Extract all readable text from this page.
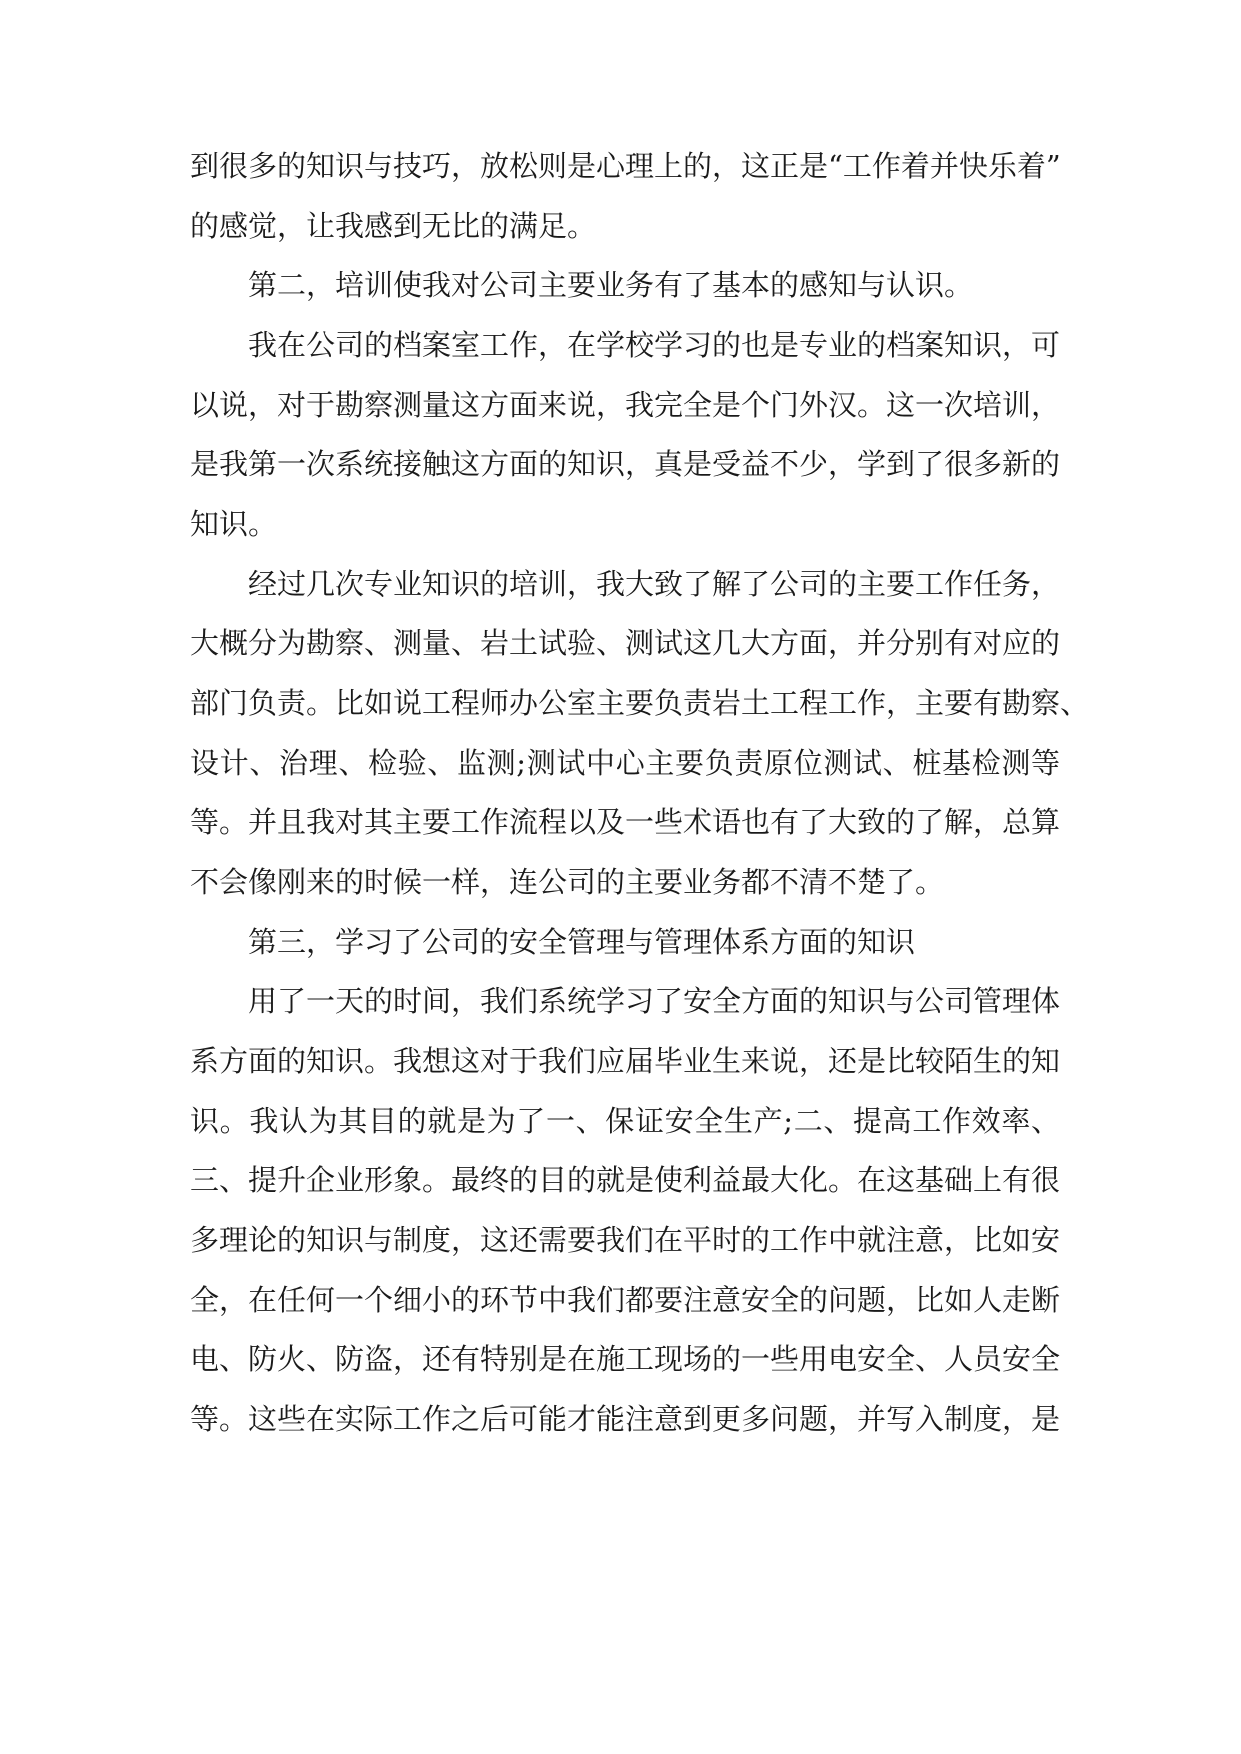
到很多的知识与技巧，放松则是心理上的，这正是“工作着并快乐着”
的感觉，让我感到无比的满足。
第二，培训使我对公司主要业务有了基本的感知与认识。
我在公司的档案室工作，在学校学习的也是专业的档案知识，可
以说，对于勘察测量这方面来说，我完全是个门外汉。这一次培训，
是我第一次系统接触这方面的知识，真是受益不少，学到了很多新的
知识。
经过几次专业知识的培训，我大致了解了公司的主要工作任务，
大概分为勘察、测量、岩土试验、测试这几大方面，并分别有对应的
部门负责。比如说工程师办公室主要负责岩土工程工作，主要有勘察、
设计、治理、检验、监测;测试中心主要负责原位测试、桩基检测等
等。并且我对其主要工作流程以及一些术语也有了大致的了解，总算
不会像刚来的时候一样，连公司的主要业务都不清不楚了。
第三，学习了公司的安全管理与管理体系方面的知识
用了一天的时间，我们系统学习了安全方面的知识与公司管理体
系方面的知识。我想这对于我们应届毕业生来说，还是比较陌生的知
识。我认为其目的就是为了一、保证安全生产;二、提高工作效率、
三、提升企业形象。最终的目的就是使利益最大化。在这基础上有很
多理论的知识与制度，这还需要我们在平时的工作中就注意，比如安
全，在任何一个细小的环节中我们都要注意安全的问题，比如人走断
电、防火、防盗，还有特别是在施工现场的一些用电安全、人员安全
等。这些在实际工作之后可能才能注意到更多问题，并写入制度，是
